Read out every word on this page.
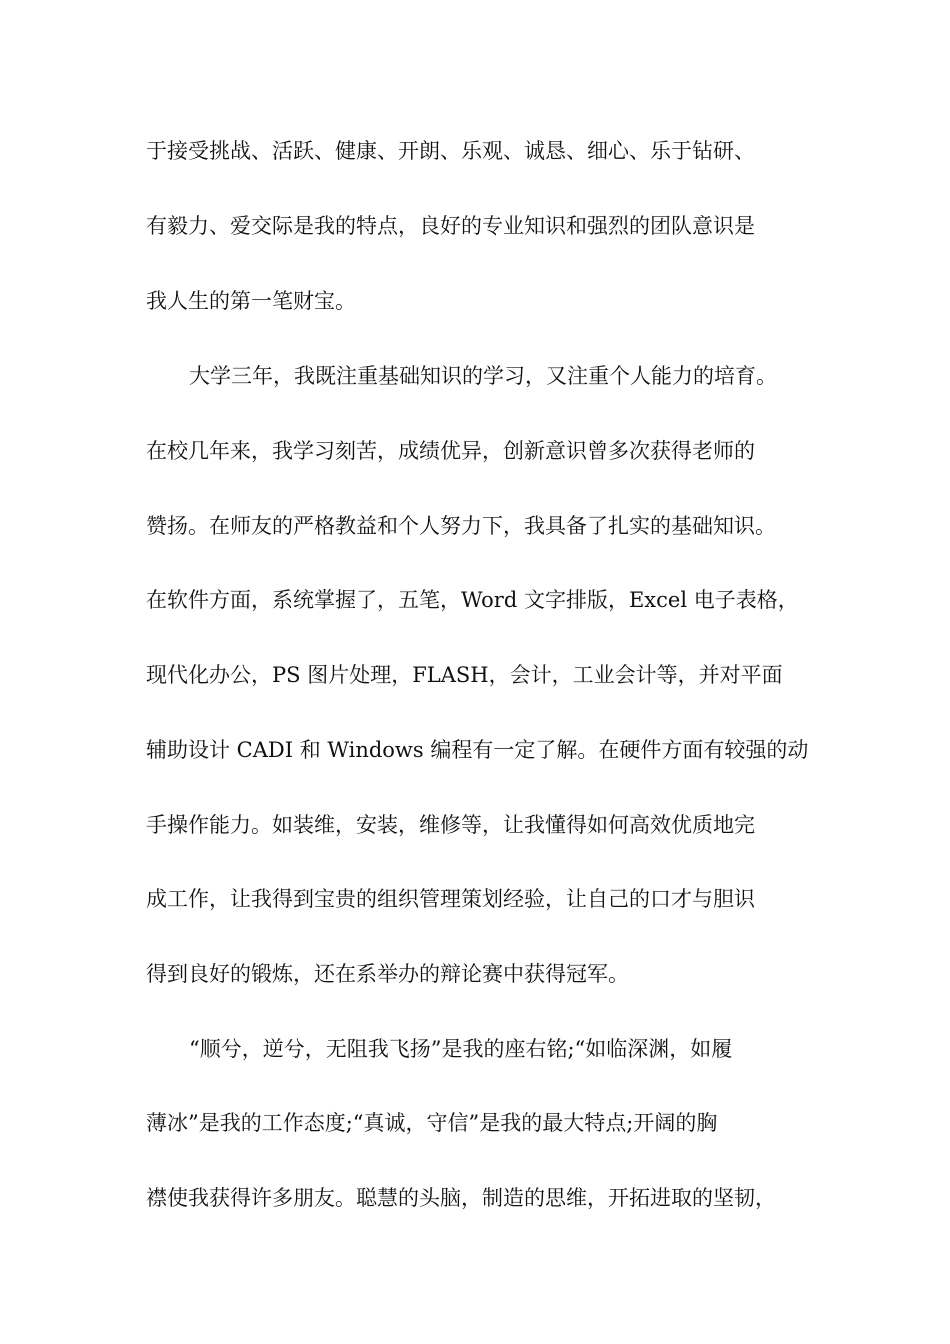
于接受挑战、活跃、健康、开朗、乐观、诚恳、细心、乐于钻研、
有毅力、爱交际是我的特点，良好的专业知识和强烈的团队意识是
我人生的第一笔财宝。
大学三年，我既注重基础知识的学习，又注重个人能力的培育。
在校几年来，我学习刻苦，成绩优异，创新意识曾多次获得老师的
赞扬。在师友的严格教益和个人努力下，我具备了扎实的基础知识。
在软件方面，系统掌握了，五笔，Word 文字排版，Excel 电子表格，
现代化办公，PS 图片处理，FLASH，会计，工业会计等，并对平面
辅助设计 CADI 和 Windows 编程有一定了解。在硬件方面有较强的动
手操作能力。如装维，安装，维修等，让我懂得如何高效优质地完
成工作，让我得到宝贵的组织管理策划经验，让自己的口才与胆识
得到良好的锻炼，还在系举办的辩论赛中获得冠军。
“顺兮，逆兮，无阻我飞扬”是我的座右铭;“如临深渊，如履
薄冰”是我的工作态度;“真诚，守信”是我的最大特点;开阔的胸
襟使我获得许多朋友。聪慧的头脑，制造的思维，开拓进取的坚韧，
